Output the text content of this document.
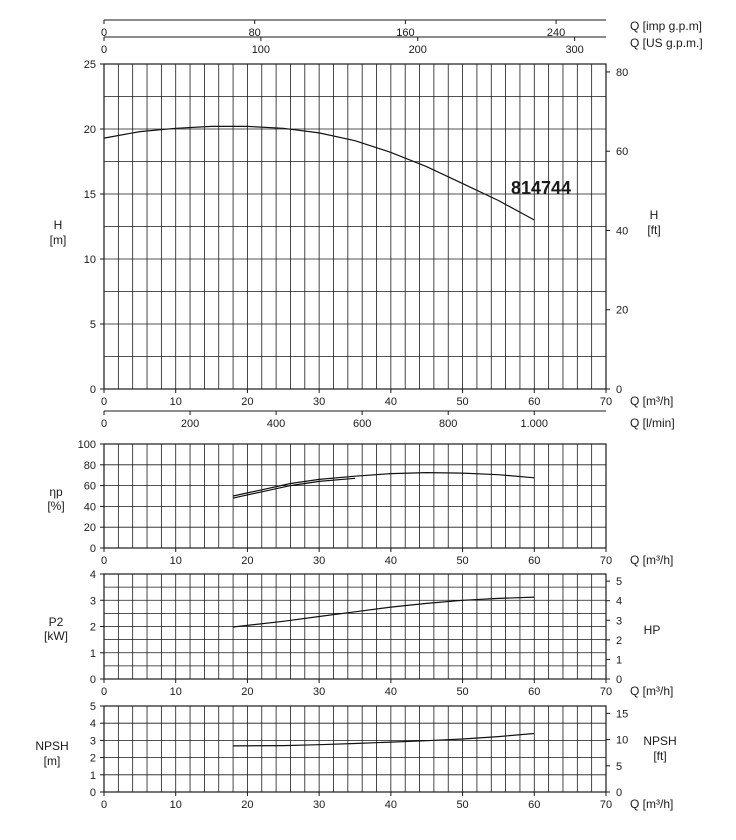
0
5
10
15
20
25
0
20
40
60
80
0	10	20	30	40	50	60	70
0	200	400	600	800	1.000
Q [m³/h]
Q [l/min]
0	80	160	240
0	100	200	300
Q [imp g.p.m]
Q [US g.p.m.]
H
[m]
H
[ft]
814744
0
20
40
60
80
100
0	10	20	30	40	50	60	70 Q [m³/h]
ηp
[%]
0
1
2
3
4
0
1
2
3
4
5
0	10	20	30	40	50	60	70 Q [m³/h]
P2
[kW]	HP
0
1
2
3
4
5
0
5
10
15
0	10	20	30	40	50	60	70 Q [m³/h]
NPSH
[m]
NPSH
[ft]
